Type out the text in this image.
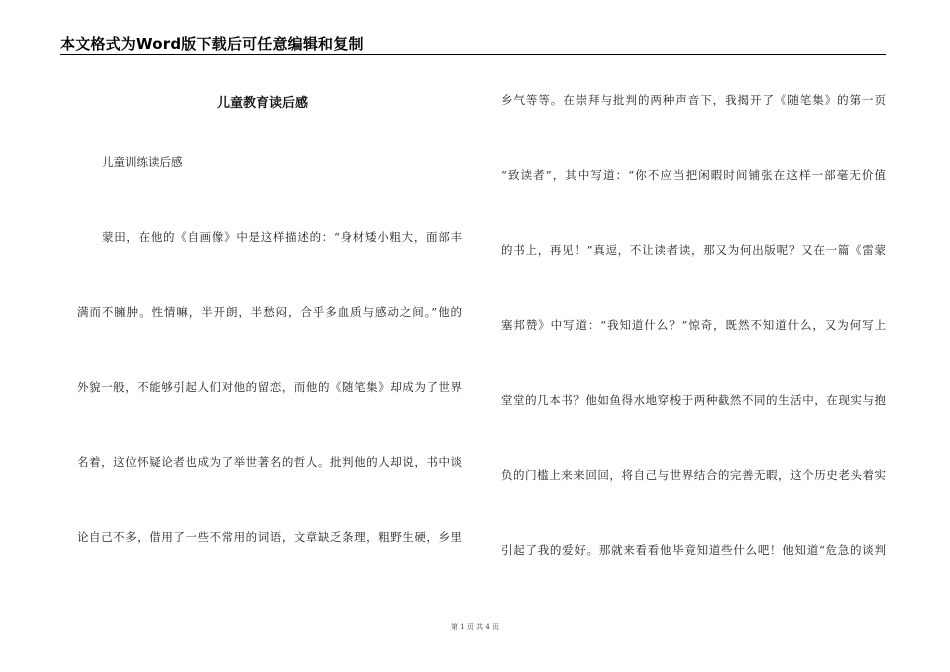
本文格式为Word版下载后可任意编辑和复制
儿童教育读后感
儿童训练读后感
蒙田，在他的《自画像》中是这样描述的：“身材矮小粗大，面部丰
满而不臃肿。性情嘛，半开朗，半愁闷，合乎多血质与感动之间。”他的
外貌一般，不能够引起人们对他的留恋，而他的《随笔集》却成为了世界
名着，这位怀疑论者也成为了举世著名的哲人。批判他的人却说，书中谈
论自己不多，借用了一些不常用的词语，文章缺乏条理，粗野生硬，乡里
乡气等等。在崇拜与批判的两种声音下，我揭开了《随笔集》的第一页
“致读者”，其中写道：“你不应当把闲暇时间铺张在这样一部毫无价值
的书上，再见！”真逗，不让读者读，那又为何出版呢？又在一篇《雷蒙
塞邦赞》中写道：“我知道什么？”惊奇，既然不知道什么，又为何写上
堂堂的几本书？他如鱼得水地穿梭于两种截然不同的生活中，在现实与抱
负的门槛上来来回回，将自己与世界结合的完善无暇，这个历史老头着实
引起了我的爱好。那就来看看他毕竟知道些什么吧！他知道“危急的谈判
第 1 页 共 4 页
